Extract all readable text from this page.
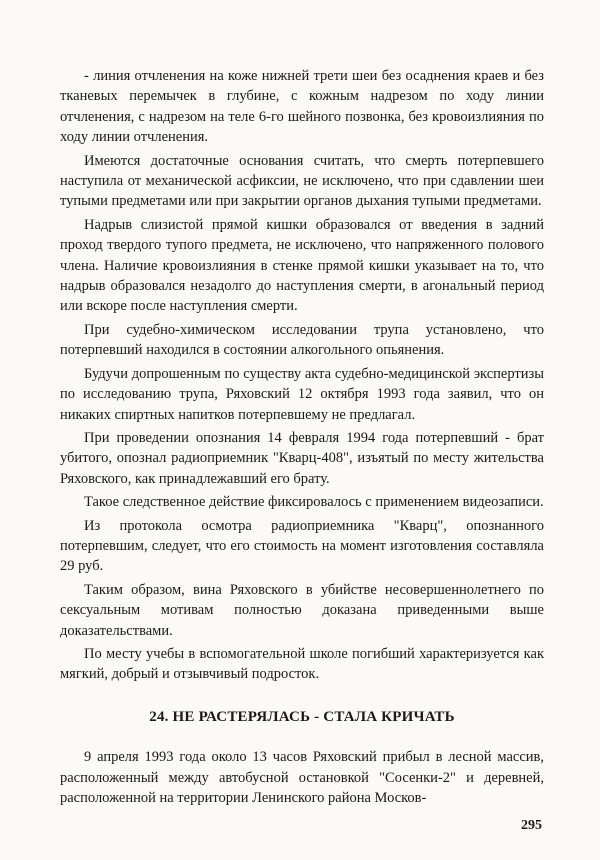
- линия отчленения на коже нижней трети шеи без осаднения краев и без тканевых перемычек в глубине, с кожным надрезом по ходу линии отчленения, с надрезом на теле 6-го шейного позвонка, без кровоизлияния по ходу линии отчленения.

Имеются достаточные основания считать, что смерть потерпевшего наступила от механической асфиксии, не исключено, что при сдавлении шеи тупыми предметами или при закрытии органов дыхания тупыми предметами.

Надрыв слизистой прямой кишки образовался от введения в задний проход твердого тупого предмета, не исключено, что напряженного полового члена. Наличие кровоизлияния в стенке прямой кишки указывает на то, что надрыв образовался незадолго до наступления смерти, в агональный период или вскоре после наступления смерти.

При судебно-химическом исследовании трупа установлено, что потерпевший находился в состоянии алкогольного опьянения.

Будучи допрошенным по существу акта судебно-медицинской экспертизы по исследованию трупа, Ряховский 12 октября 1993 года заявил, что он никаких спиртных напитков потерпевшему не предлагал.

При проведении опознания 14 февраля 1994 года потерпевший - брат убитого, опознал радиоприемник "Кварц-408", изъятый по месту жительства Ряховского, как принадлежавший его брату.

Такое следственное действие фиксировалось с применением видеозаписи.

Из протокола осмотра радиоприемника "Кварц", опознанного потерпевшим, следует, что его стоимость на момент изготовления составляла 29 руб.

Таким образом, вина Ряховского в убийстве несовершеннолетнего по сексуальным мотивам полностью доказана приведенными выше доказательствами.

По месту учебы в вспомогательной школе погибший характеризуется как мягкий, добрый и отзывчивый подросток.

24. НЕ РАСТЕРЯЛАСЬ - СТАЛА КРИЧАТЬ

9 апреля 1993 года около 13 часов Ряховский прибыл в лесной массив, расположенный между автобусной остановкой "Сосенки-2" и деревней, расположенной на территории Ленинского района Москов-

295
